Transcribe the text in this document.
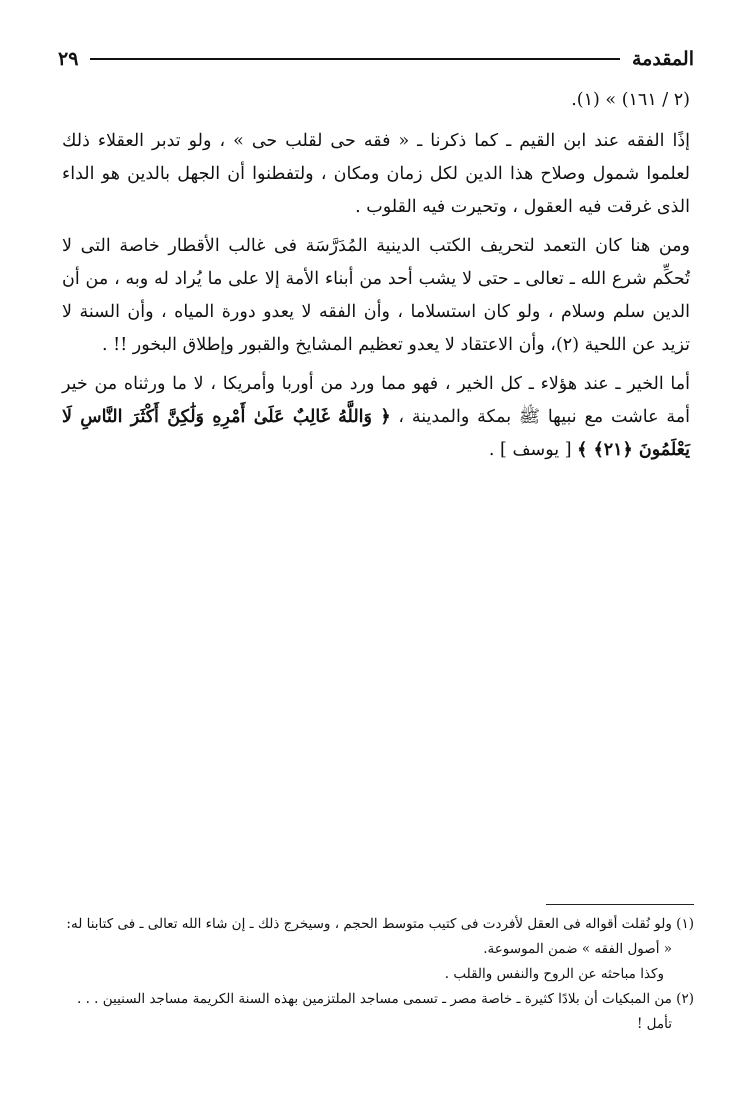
٢٩	المقدمة

(٢ / ١٦١) » (١).

إذًا الفقه عند ابن القيم ـ كما ذكرنا ـ « فقه حى لقلب حى » ، ولو تدبر العقلاء ذلك لعلموا شمول وصلاح هذا الدين لكل زمان ومكان ، ولتفطنوا أن الجهل بالدين هو الداء الذى غرقت فيه العقول ، وتحيرت فيه القلوب .

ومن هنا كان التعمد لتحريف الكتب الدينية المُدَرَّسَة فى غالب الأقطار خاصة التى لا تُحكِّم شرع الله ـ تعالى ـ حتى لا يشب أحد من أبناء الأمة إلا على ما يُراد له وبه ، من أن الدين سلم وسلام ، ولو كان استسلاما ، وأن الفقه لا يعدو دورة المياه ، وأن السنة لا تزيد عن اللحية (٢)، وأن الاعتقاد لا يعدو تعظيم المشايخ والقبور وإطلاق البخور !! .

أما الخير ـ عند هؤلاء ـ كل الخير ، فهو مما ورد من أوربا وأمريكا ، لا ما ورثناه من خير أمة عاشت مع نبيها ﷺ بمكة والمدينة ، ﴿ وَاللَّهُ غَالِبٌ عَلَىٰ أَمْرِهِ وَلَٰكِنَّ أَكْثَرَ النَّاسِ لَا يَعْلَمُونَ ﴿٢١﴾ ﴾ [ يوسف ] .

(١) ولو نُقلت أقواله فى العقل لأفردت فى كتيب متوسط الحجم ، وسيخرج ذلك ـ إن شاء الله تعالى ـ فى كتابنا له:

« أصول الفقه » ضمن الموسوعة.

وكذا مباحثه عن الروح والنفس والقلب .

(٢) من المبكيات أن بلادًا كثيرة ـ خاصة مصر ـ تسمى مساجد الملتزمين بهذه السنة الكريمة مساجد السنيين . . .

تأمل !
